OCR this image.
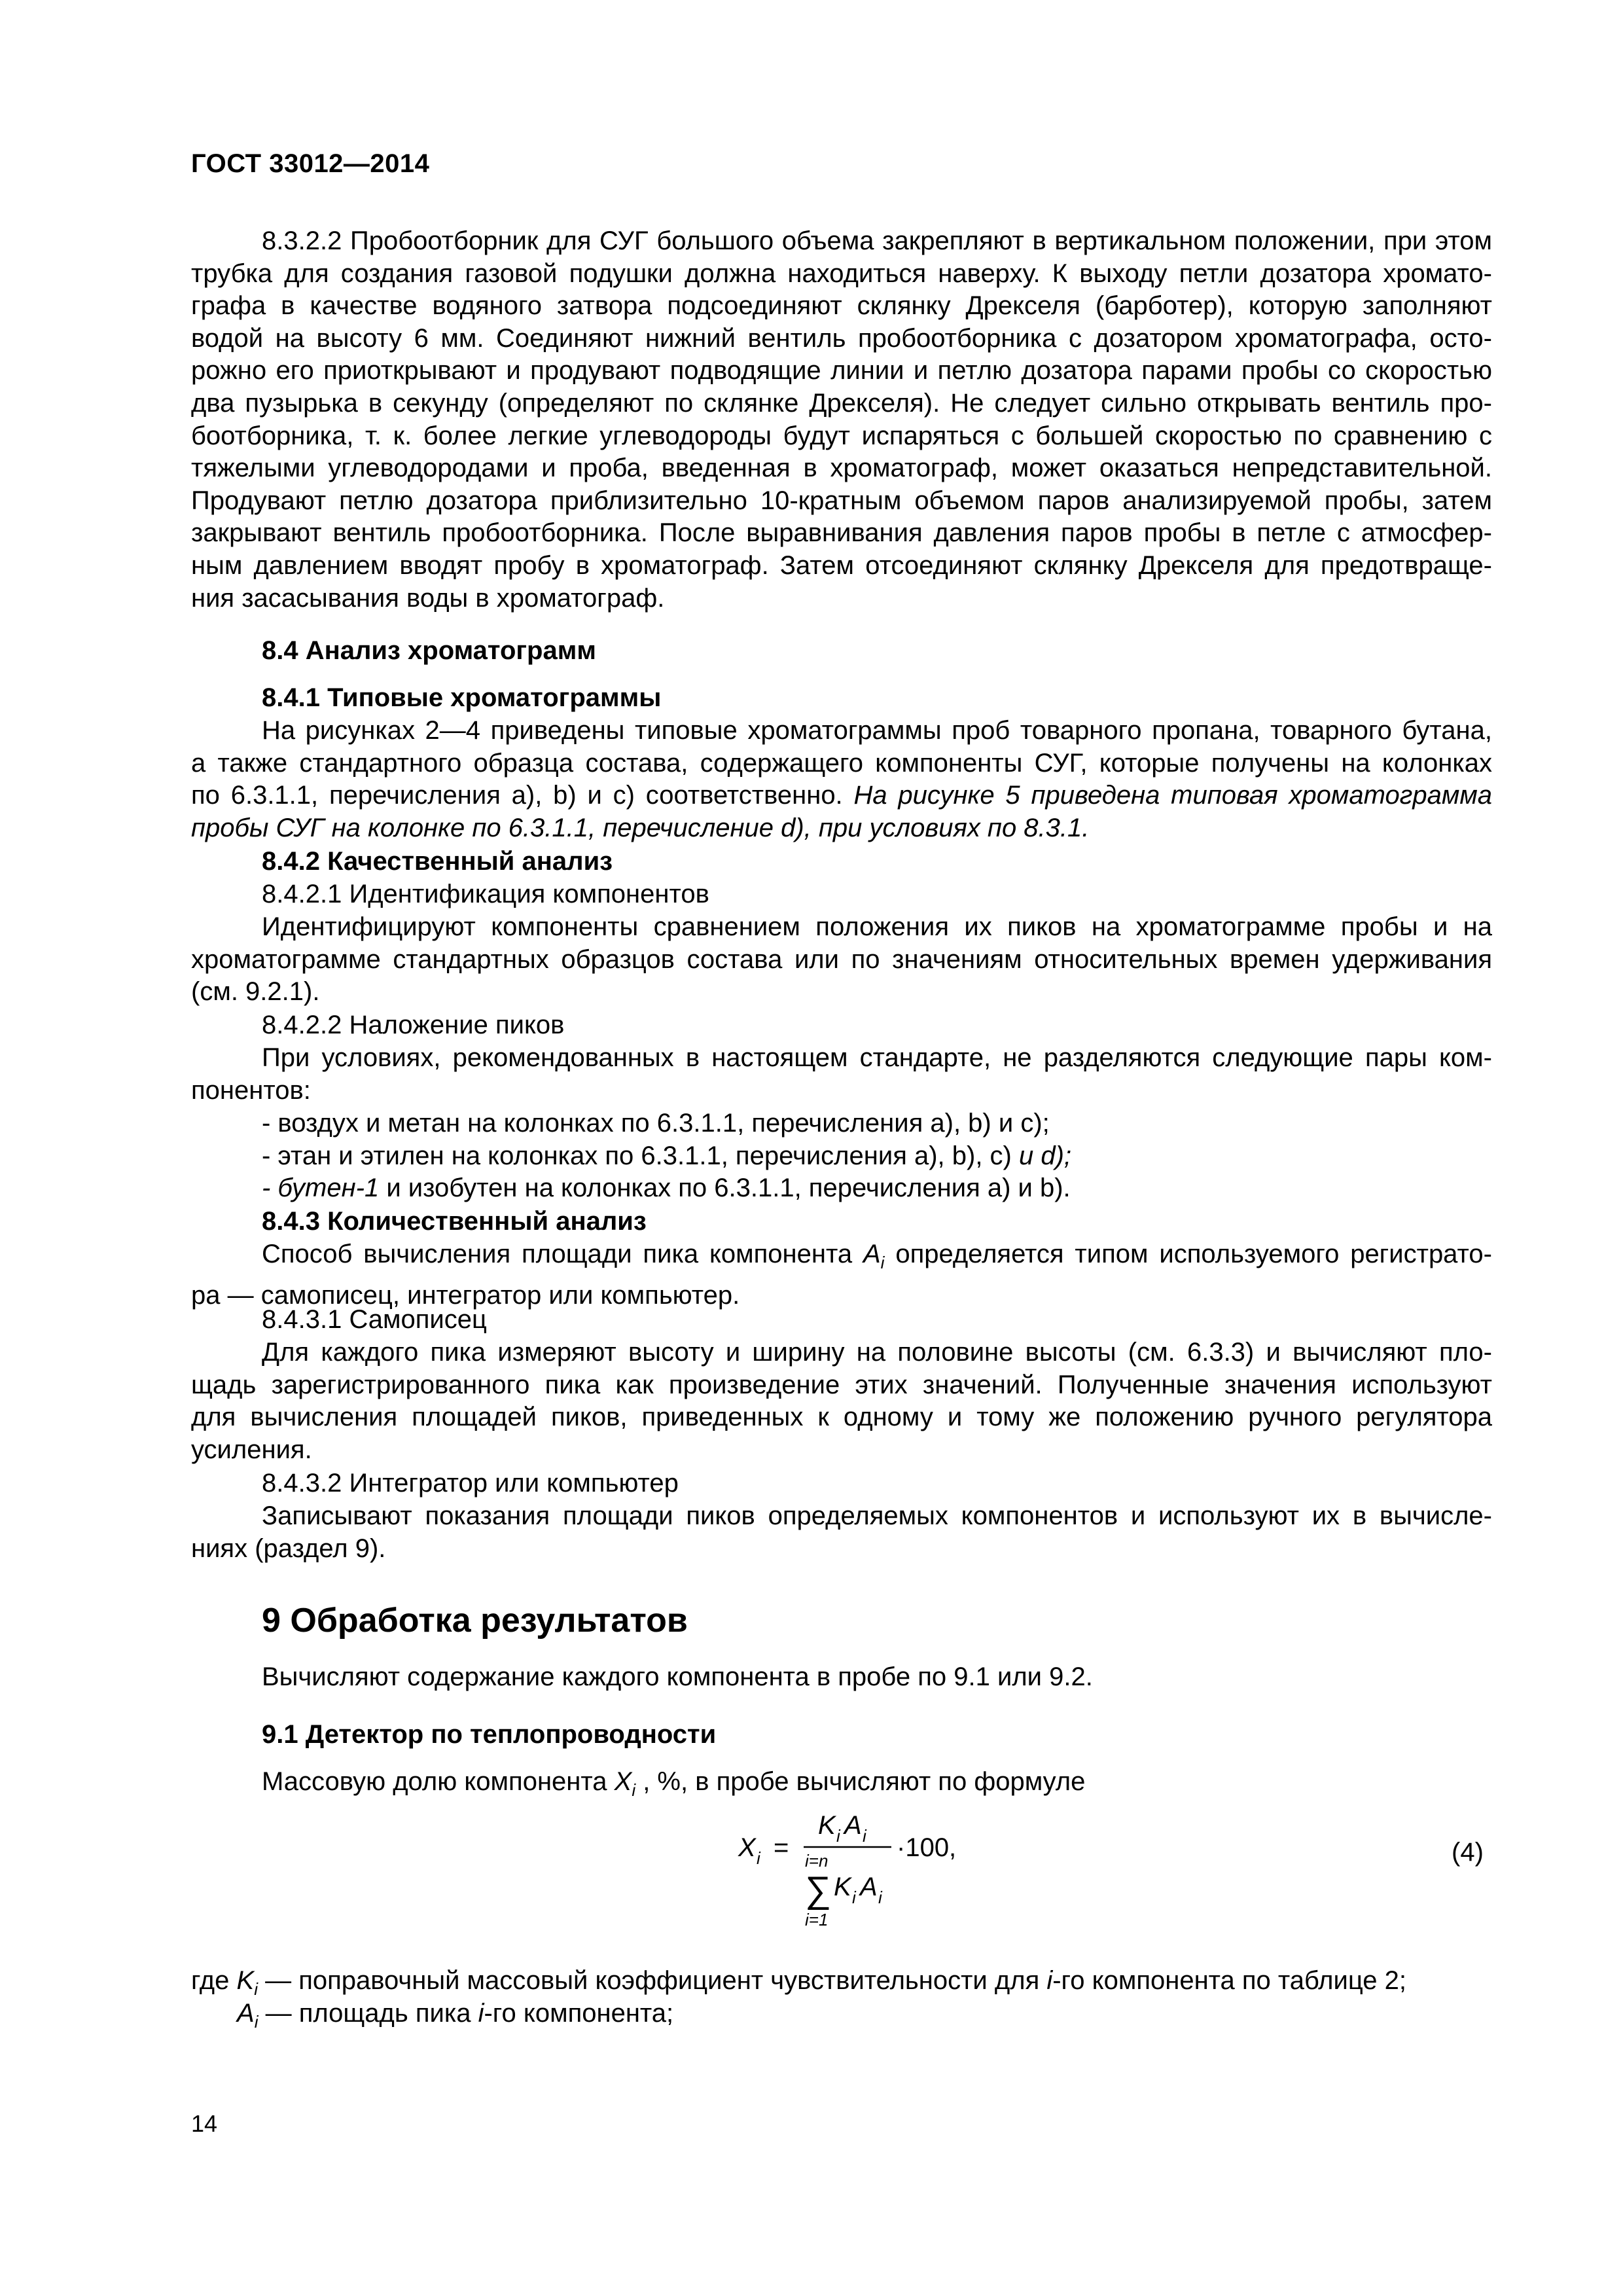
ГОСТ 33012—2014
8.3.2.2 Пробоотборник для СУГ большого объема закрепляют в вертикальном положении, при этом
трубка для создания газовой подушки должна находиться наверху. К выходу петли дозатора хромато-
графа в качестве водяного затвора подсоединяют склянку Дрекселя (барботер), которую заполняют
водой на высоту 6 мм. Соединяют нижний вентиль пробоотборника с дозатором хроматографа, осто-
рожно его приоткрывают и продувают подводящие линии и петлю дозатора парами пробы со скоростью
два пузырька в секунду (определяют по склянке Дрекселя). Не следует сильно открывать вентиль про-
боотборника, т. к. более легкие углеводороды будут испаряться с большей скоростью по сравнению с
тяжелыми углеводородами и проба, введенная в хроматограф, может оказаться непредставительной.
Продувают петлю дозатора приблизительно 10-кратным объемом паров анализируемой пробы, затем
закрывают вентиль пробоотборника. После выравнивания давления паров пробы в петле с атмосфер-
ным давлением вводят пробу в хроматограф. Затем отсоединяют склянку Дрекселя для предотвраще-
ния засасывания воды в хроматограф.
8.4 Анализ хроматограмм
8.4.1 Типовые хроматограммы
На рисунках 2—4 приведены типовые хроматограммы проб товарного пропана, товарного бутана,
а также стандартного образца состава, содержащего компоненты СУГ, которые получены на колонках
по 6.3.1.1, перечисления а), b) и с) соответственно. На рисунке 5 приведена типовая хроматограмма
пробы СУГ на колонке по 6.3.1.1, перечисление d), при условиях по 8.3.1.
8.4.2 Качественный анализ
8.4.2.1 Идентификация компонентов
Идентифицируют компоненты сравнением положения их пиков на хроматограмме пробы и на
хроматограмме стандартных образцов состава или по значениям относительных времен удерживания
(см. 9.2.1).
8.4.2.2 Наложение пиков
При условиях, рекомендованных в настоящем стандарте, не разделяются следующие пары ком-
понентов:
- воздух и метан на колонках по 6.3.1.1, перечисления а), b) и с);
- этан и этилен на колонках по 6.3.1.1, перечисления а), b), с) и d);
- бутен-1 и изобутен на колонках по 6.3.1.1, перечисления а) и b).
8.4.3 Количественный анализ
Способ вычисления площади пика компонента $A_i$ определяется типом используемого регистрато-
ра — самописец, интегратор или компьютер.
8.4.3.1 Самописец
Для каждого пика измеряют высоту и ширину на половине высоты (см. 6.3.3) и вычисляют пло-
щадь зарегистрированного пика как произведение этих значений. Полученные значения используют
для вычисления площадей пиков, приведенных к одному и тому же положению ручного регулятора
усиления.
8.4.3.2 Интегратор или компьютер
Записывают показания площади пиков определяемых компонентов и используют их в вычисле-
ниях (раздел 9).
9 Обработка результатов
Вычисляют содержание каждого компонента в пробе по 9.1 или 9.2.
9.1 Детектор по теплопроводности
Массовую долю компонента $X_i$ , %, в пробе вычисляют по формуле
X i =
K i A i
i=n
∑ K i A i
i=1
·100,	(4)
где $K_i$ — поправочный массовый коэффициент чувствительности для i-го компонента по таблице 2;
$A_i$ — площадь пика i-го компонента;
14
